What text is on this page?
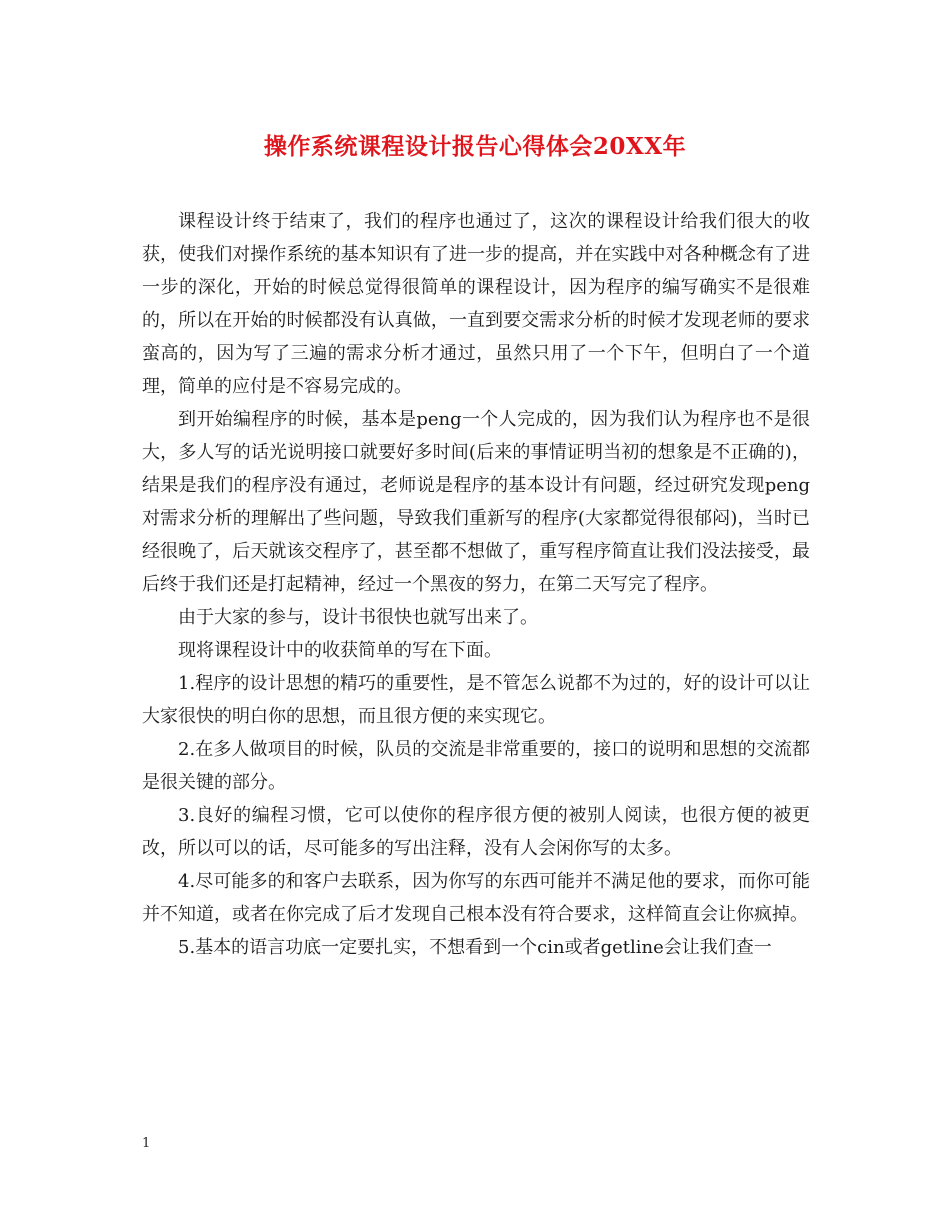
操作系统课程设计报告心得体会20XX年

课程设计终于结束了，我们的程序也通过了，这次的课程设计给我们很大的收获，使我们对操作系统的基本知识有了进一步的提高，并在实践中对各种概念有了进一步的深化，开始的时候总觉得很简单的课程设计，因为程序的编写确实不是很难的，所以在开始的时候都没有认真做，一直到要交需求分析的时候才发现老师的要求蛮高的，因为写了三遍的需求分析才通过，虽然只用了一个下午，但明白了一个道理，简单的应付是不容易完成的。

到开始编程序的时候，基本是peng一个人完成的，因为我们认为程序也不是很大，多人写的话光说明接口就要好多时间(后来的事情证明当初的想象是不正确的)，结果是我们的程序没有通过，老师说是程序的基本设计有问题，经过研究发现peng对需求分析的理解出了些问题，导致我们重新写的程序(大家都觉得很郁闷)，当时已经很晚了，后天就该交程序了，甚至都不想做了，重写程序简直让我们没法接受，最后终于我们还是打起精神，经过一个黑夜的努力，在第二天写完了程序。

由于大家的参与，设计书很快也就写出来了。

现将课程设计中的收获简单的写在下面。

1.程序的设计思想的精巧的重要性，是不管怎么说都不为过的，好的设计可以让大家很快的明白你的思想，而且很方便的来实现它。

2.在多人做项目的时候，队员的交流是非常重要的，接口的说明和思想的交流都是很关键的部分。

3.良好的编程习惯，它可以使你的程序很方便的被别人阅读，也很方便的被更改，所以可以的话，尽可能多的写出注释，没有人会闲你写的太多。

4.尽可能多的和客户去联系，因为你写的东西可能并不满足他的要求，而你可能并不知道，或者在你完成了后才发现自己根本没有符合要求，这样简直会让你疯掉。

5.基本的语言功底一定要扎实，不想看到一个cin或者getline会让我们查一

1
